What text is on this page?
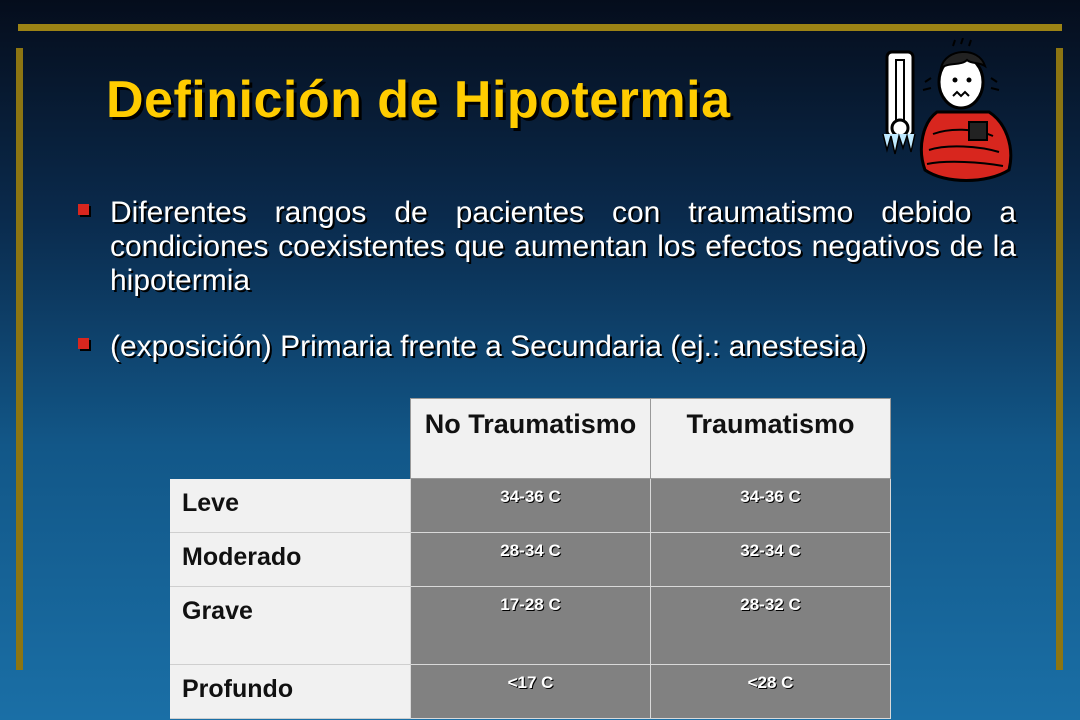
Definición de Hipotermia
Diferentes rangos de pacientes con traumatismo debido a condiciones coexistentes que aumentan los efectos negativos de la hipotermia
(exposición) Primaria frente a Secundaria (ej.: anestesia)
	No Traumatismo	Traumatismo
Leve	34-36 C	34-36 C
Moderado	28-34 C	32-34 C
Grave	17-28 C	28-32 C
Profundo	<17 C	<28 C
